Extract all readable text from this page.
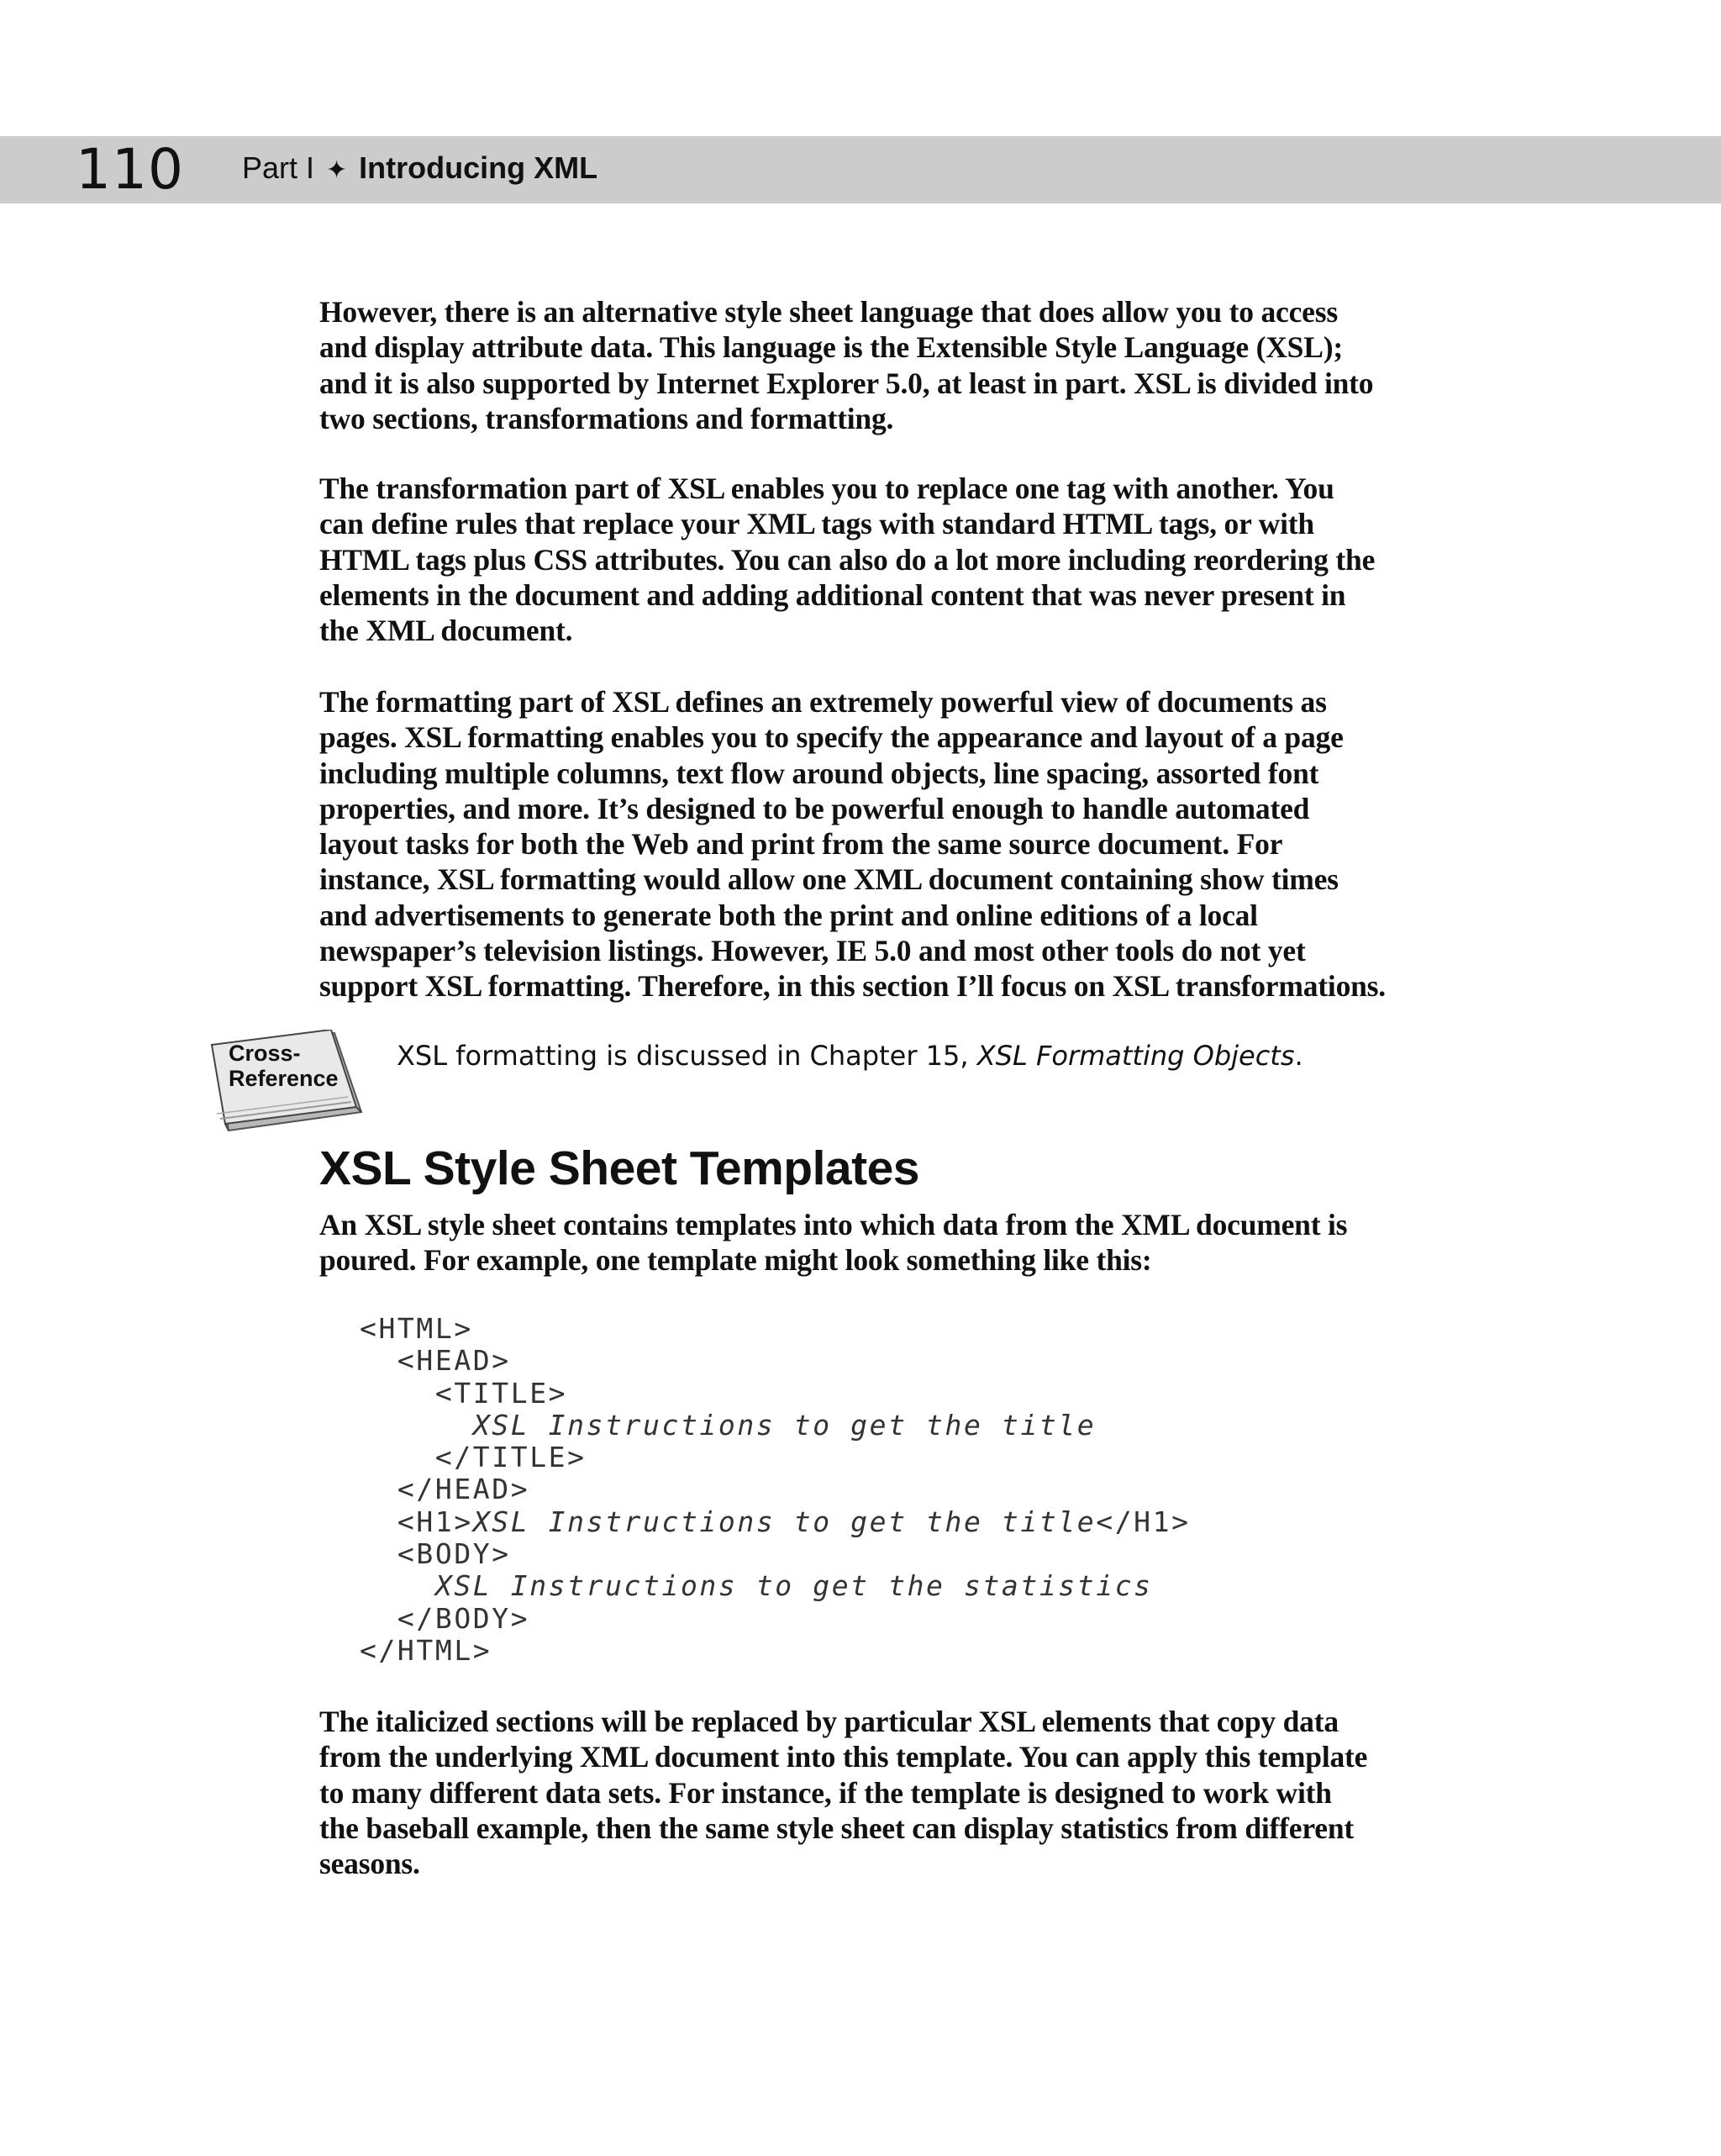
110 Part I ✦ Introducing XML

However, there is an alternative style sheet language that does allow you to access
and display attribute data. This language is the Extensible Style Language (XSL);
and it is also supported by Internet Explorer 5.0, at least in part. XSL is divided into
two sections, transformations and formatting.

The transformation part of XSL enables you to replace one tag with another. You
can define rules that replace your XML tags with standard HTML tags, or with
HTML tags plus CSS attributes. You can also do a lot more including reordering the
elements in the document and adding additional content that was never present in
the XML document.

The formatting part of XSL defines an extremely powerful view of documents as
pages. XSL formatting enables you to specify the appearance and layout of a page
including multiple columns, text flow around objects, line spacing, assorted font
properties, and more. It’s designed to be powerful enough to handle automated
layout tasks for both the Web and print from the same source document. For
instance, XSL formatting would allow one XML document containing show times
and advertisements to generate both the print and online editions of a local
newspaper’s television listings. However, IE 5.0 and most other tools do not yet
support XSL formatting. Therefore, in this section I’ll focus on XSL transformations.

Cross-
Reference
XSL formatting is discussed in Chapter 15, XSL Formatting Objects.
XSL Style Sheet Templates

An XSL style sheet contains templates into which data from the XML document is
poured. For example, one template might look something like this:

<HTML>
<HEAD>
<TITLE>
XSL Instructions to get the title
</TITLE>
</HEAD>
<H1>XSL Instructions to get the title</H1>
<BODY>
XSL Instructions to get the statistics
</BODY>
</HTML>

The italicized sections will be replaced by particular XSL elements that copy data
from the underlying XML document into this template. You can apply this template
to many different data sets. For instance, if the template is designed to work with
the baseball example, then the same style sheet can display statistics from different
seasons.
